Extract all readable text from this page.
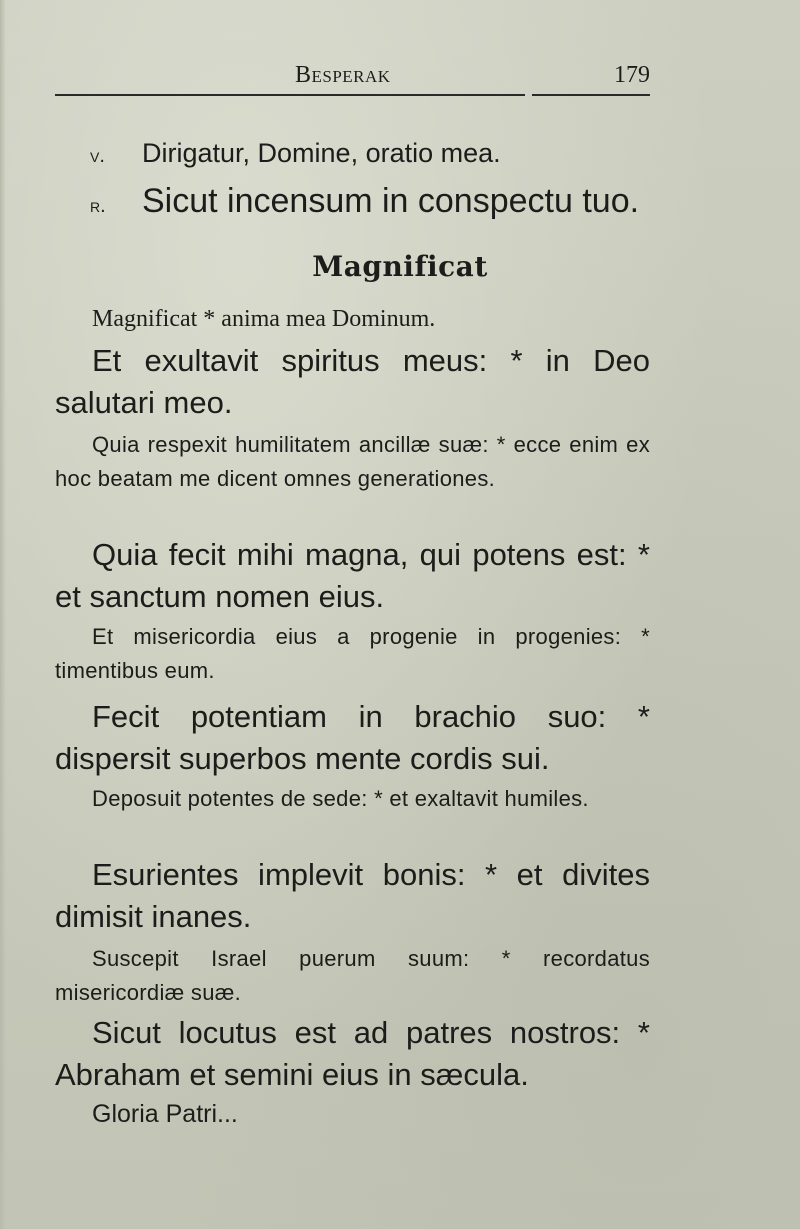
Besperak	179
v.	Dirigatur, Domine, oratio mea.
r.	Sicut incensum in conspectu tuo.
Magnificat
Magnificat * anima mea Dominum.
Et exultavit spiritus meus: * in Deo salutari meo.
Quia respexit humilitatem ancillæ suæ: * ecce enim ex hoc beatam me dicent omnes generationes.
Quia fecit mihi magna, qui potens est: * et sanctum nomen eius.
Et misericordia eius a progenie in progenies: * timentibus eum.
Fecit potentiam in brachio suo: * dispersit superbos mente cordis sui.
Deposuit potentes de sede: * et exaltavit humiles.
Esurientes implevit bonis: * et divites dimisit inanes.
Suscepit Israel puerum suum: * recordatus misericordiæ suæ.
Sicut locutus est ad patres nostros: * Abraham et semini eius in sæcula.
Gloria Patri...
